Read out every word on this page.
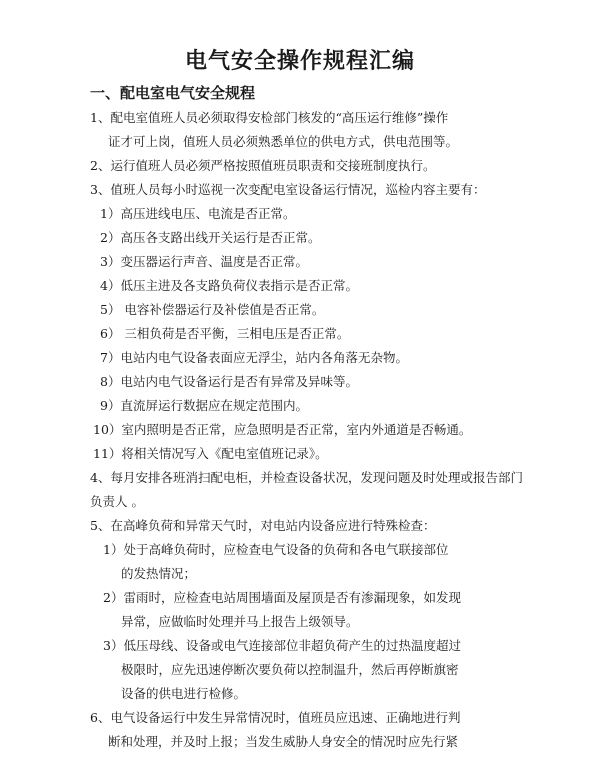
电气安全操作规程汇编
一、配电室电气安全规程
1、配电室值班人员必须取得安检部门核发的“高压运行维修”操作
证才可上岗，值班人员必须熟悉单位的供电方式，供电范围等。
2、运行值班人员必须严格按照值班员职责和交接班制度执行。
3、值班人员每小时巡视一次变配电室设备运行情况，巡检内容主要有：
1）高压进线电压、电流是否正常。
2）高压各支路出线开关运行是否正常。
3）变压器运行声音、温度是否正常。
4）低压主进及各支路负荷仪表指示是否正常。
5） 电容补偿器运行及补偿值是否正常。
6） 三相负荷是否平衡，三相电压是否正常。
7）电站内电气设备表面应无浮尘，站内各角落无杂物。
8）电站内电气设备运行是否有异常及异味等。
9）直流屏运行数据应在规定范围内。
10）室内照明是否正常，应急照明是否正常，室内外通道是否畅通。
11）将相关情况写入《配电室值班记录》。
4、每月安排各班消扫配电柜，并检查设备状况，发现问题及时处理或报告部门
负责人 。
5、在高峰负荷和异常天气时，对电站内设备应进行特殊检查：
1）处于高峰负荷时，应检查电气设备的负荷和各电气联接部位
的发热情况；
2）雷雨时，应检查电站周围墙面及屋顶是否有渗漏现象，如发现
异常，应做临时处理并马上报告上级领导。
3）低压母线、设备或电气连接部位非超负荷产生的过热温度超过
极限时，应先迅速停断次要负荷以控制温升，然后再停断旗密
设备的供电进行检修。
6、电气设备运行中发生异常情况时，值班员应迅速、正确地进行判
断和处理，并及时上报；当发生威胁人身安全的情况时应先行紧
